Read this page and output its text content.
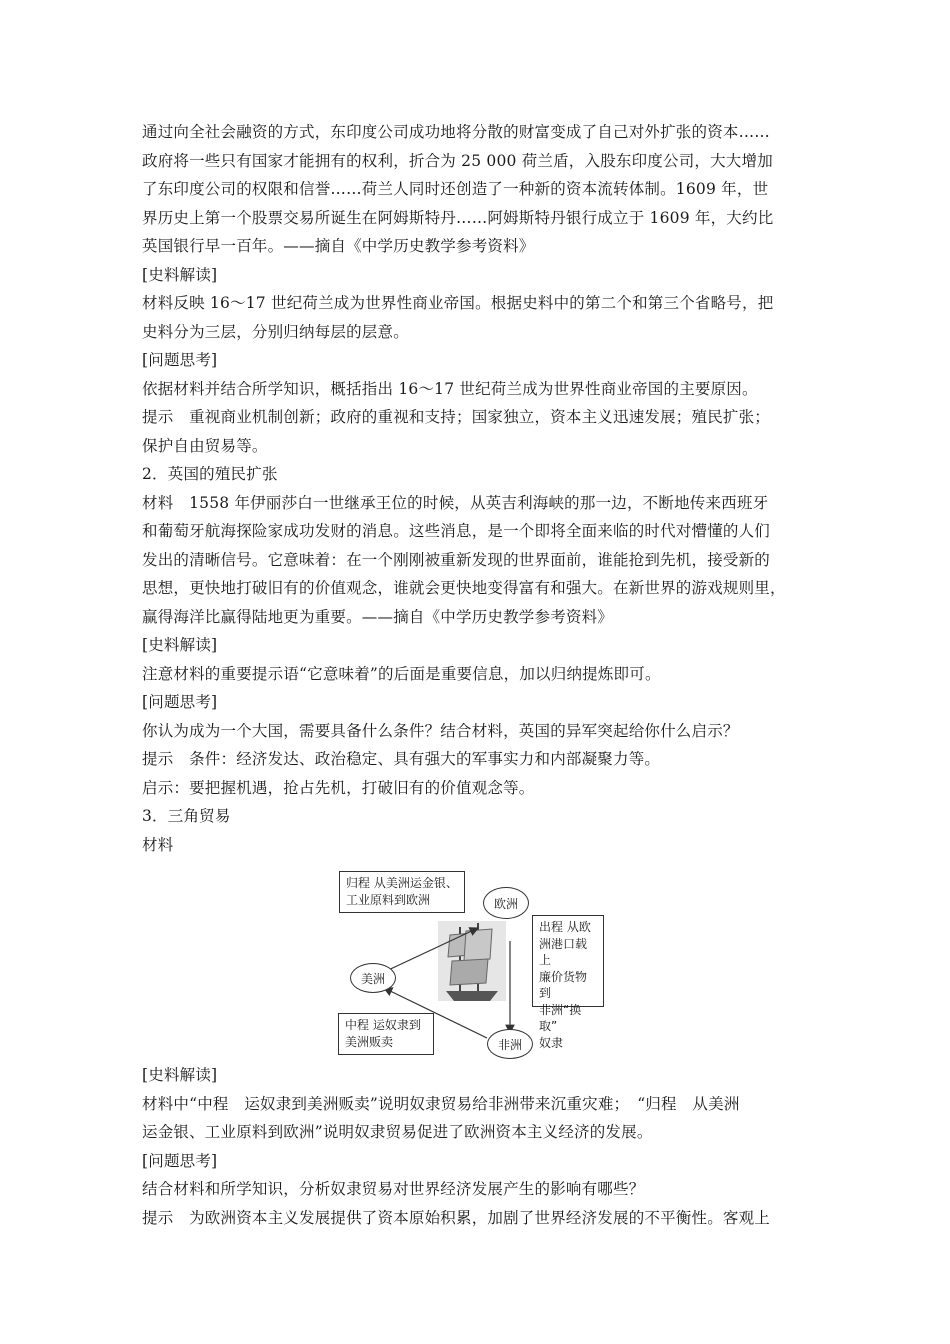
通过向全社会融资的方式，东印度公司成功地将分散的财富变成了自己对外扩张的资本……
政府将一些只有国家才能拥有的权利，折合为 25 000 荷兰盾，入股东印度公司，大大增加
了东印度公司的权限和信誉……荷兰人同时还创造了一种新的资本流转体制。1609 年，世
界历史上第一个股票交易所诞生在阿姆斯特丹……阿姆斯特丹银行成立于 1609 年，大约比
英国银行早一百年。——摘自《中学历史教学参考资料》
[史料解读]
材料反映 16～17 世纪荷兰成为世界性商业帝国。根据史料中的第二个和第三个省略号，把
史料分为三层，分别归纳每层的层意。
[问题思考]
依据材料并结合所学知识，概括指出 16～17 世纪荷兰成为世界性商业帝国的主要原因。
提示　重视商业机制创新；政府的重视和支持；国家独立，资本主义迅速发展；殖民扩张；
保护自由贸易等。
2．英国的殖民扩张
材料　1558 年伊丽莎白一世继承王位的时候，从英吉利海峡的那一边，不断地传来西班牙
和葡萄牙航海探险家成功发财的消息。这些消息，是一个即将全面来临的时代对懵懂的人们
发出的清晰信号。它意味着：在一个刚刚被重新发现的世界面前，谁能抢到先机，接受新的
思想，更快地打破旧有的价值观念，谁就会更快地变得富有和强大。在新世界的游戏规则里，
赢得海洋比赢得陆地更为重要。——摘自《中学历史教学参考资料》
[史料解读]
注意材料的重要提示语“它意味着”的后面是重要信息，加以归纳提炼即可。
[问题思考]
你认为成为一个大国，需要具备什么条件？结合材料，英国的异军突起给你什么启示？
提示　条件：经济发达、政治稳定、具有强大的军事实力和内部凝聚力等。
启示：要把握机遇，抢占先机，打破旧有的价值观念等。
3．三角贸易
材料
归程 从美洲运金银、
工业原料到欧洲	欧洲
出程 从欧
洲港口载上
廉价货物到
非洲“换取”
奴隶
美洲
非洲
中程 运奴隶到
美洲贩卖
[史料解读]
材料中“中程　运奴隶到美洲贩卖”说明奴隶贸易给非洲带来沉重灾难；　“归程　从美洲
运金银、工业原料到欧洲”说明奴隶贸易促进了欧洲资本主义经济的发展。
[问题思考]
结合材料和所学知识，分析奴隶贸易对世界经济发展产生的影响有哪些？
提示　为欧洲资本主义发展提供了资本原始积累，加剧了世界经济发展的不平衡性。客观上
